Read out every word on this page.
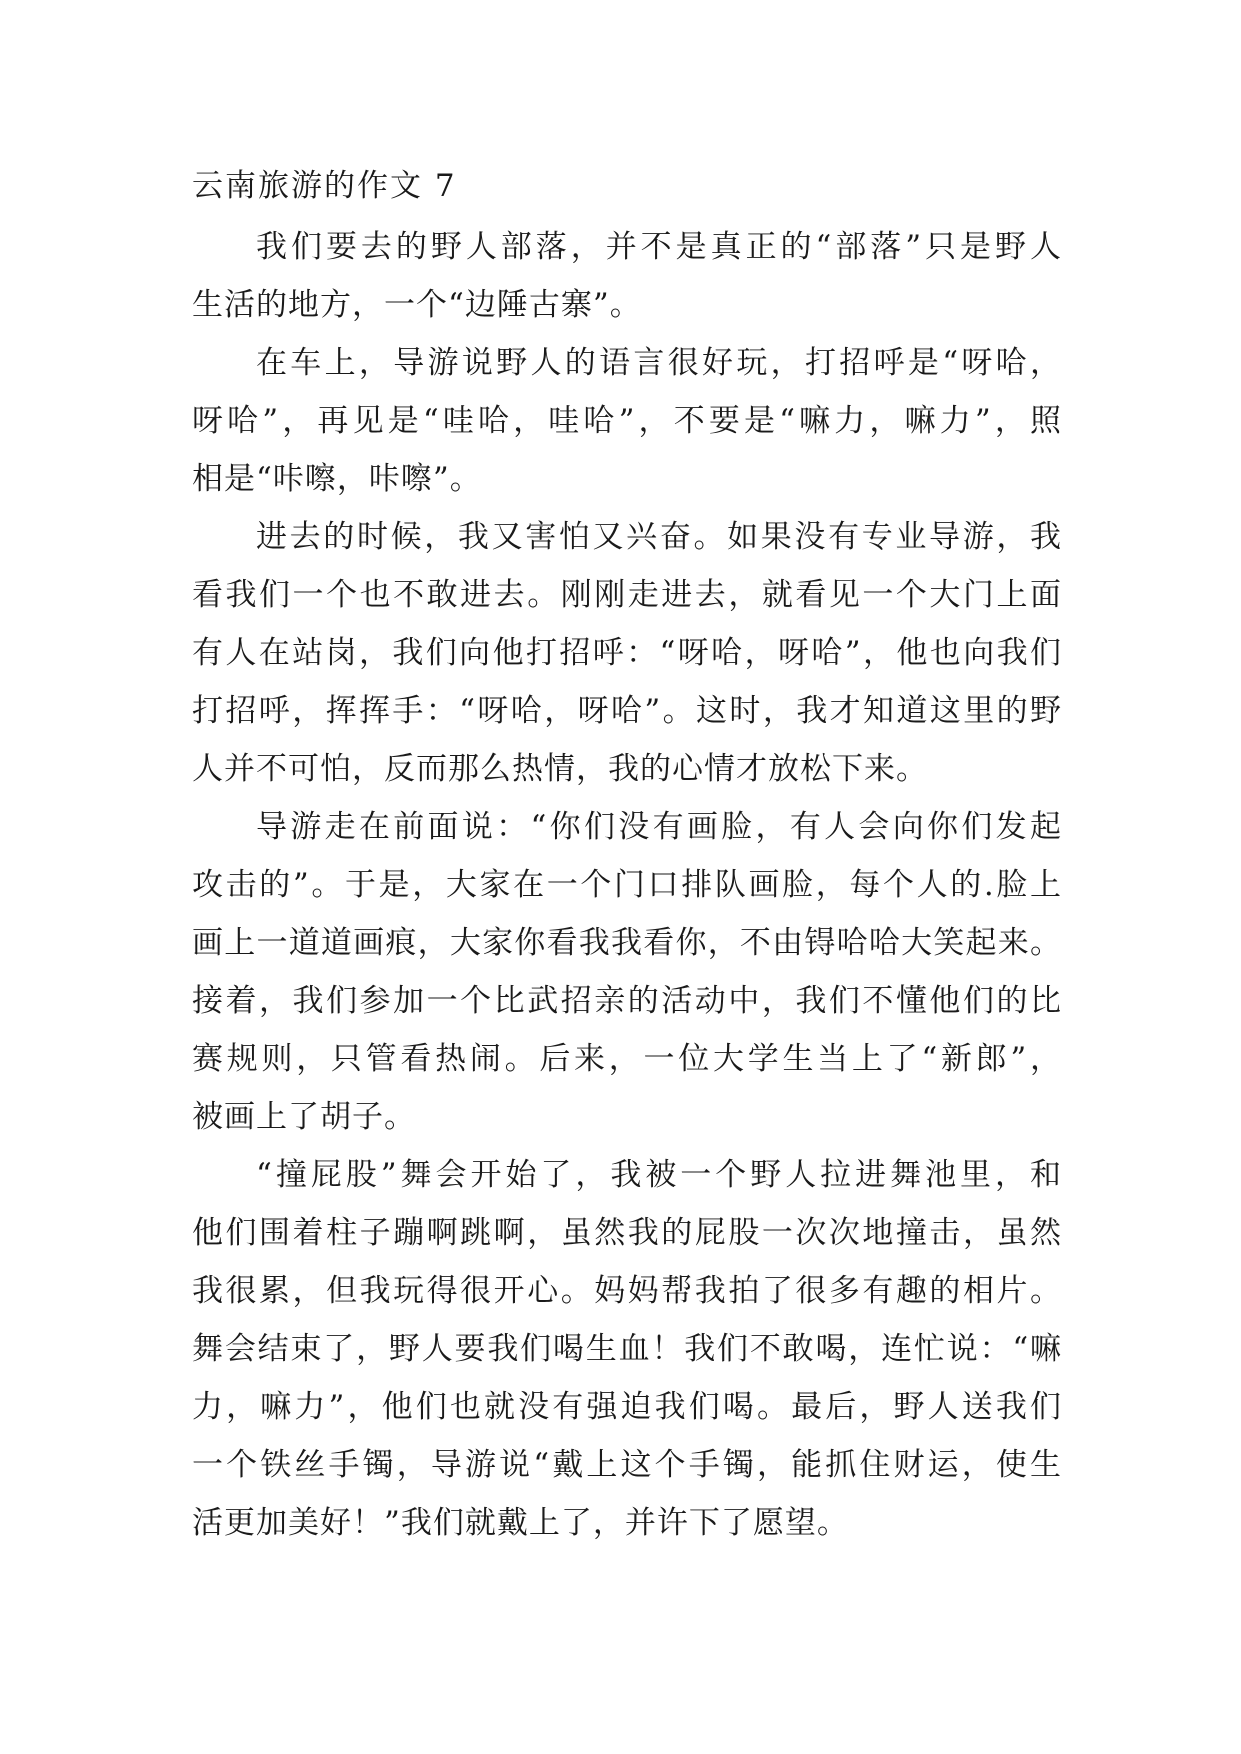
云南旅游的作文 7
我们要去的野人部落，并不是真正的“部落”只是野人
生活的地方，一个“边陲古寨”。
在车上，导游说野人的语言很好玩，打招呼是“呀哈，
呀哈”，再见是“哇哈，哇哈”，不要是“嘛力，嘛力”，照
相是“咔嚓，咔嚓”。
进去的时候，我又害怕又兴奋。如果没有专业导游，我
看我们一个也不敢进去。刚刚走进去，就看见一个大门上面
有人在站岗，我们向他打招呼：“呀哈，呀哈”，他也向我们
打招呼，挥挥手：“呀哈，呀哈”。这时，我才知道这里的野
人并不可怕，反而那么热情，我的心情才放松下来。
导游走在前面说：“你们没有画脸，有人会向你们发起
攻击的”。于是，大家在一个门口排队画脸，每个人的.脸上
画上一道道画痕，大家你看我我看你，不由锝哈哈大笑起来。
接着，我们参加一个比武招亲的活动中，我们不懂他们的比
赛规则，只管看热闹。后来，一位大学生当上了“新郎”，
被画上了胡子。
“撞屁股”舞会开始了，我被一个野人拉进舞池里，和
他们围着柱子蹦啊跳啊，虽然我的屁股一次次地撞击，虽然
我很累，但我玩得很开心。妈妈帮我拍了很多有趣的相片。
舞会结束了，野人要我们喝生血！我们不敢喝，连忙说：“嘛
力，嘛力”，他们也就没有强迫我们喝。最后，野人送我们
一个铁丝手镯，导游说“戴上这个手镯，能抓住财运，使生
活更加美好！”我们就戴上了，并许下了愿望。
